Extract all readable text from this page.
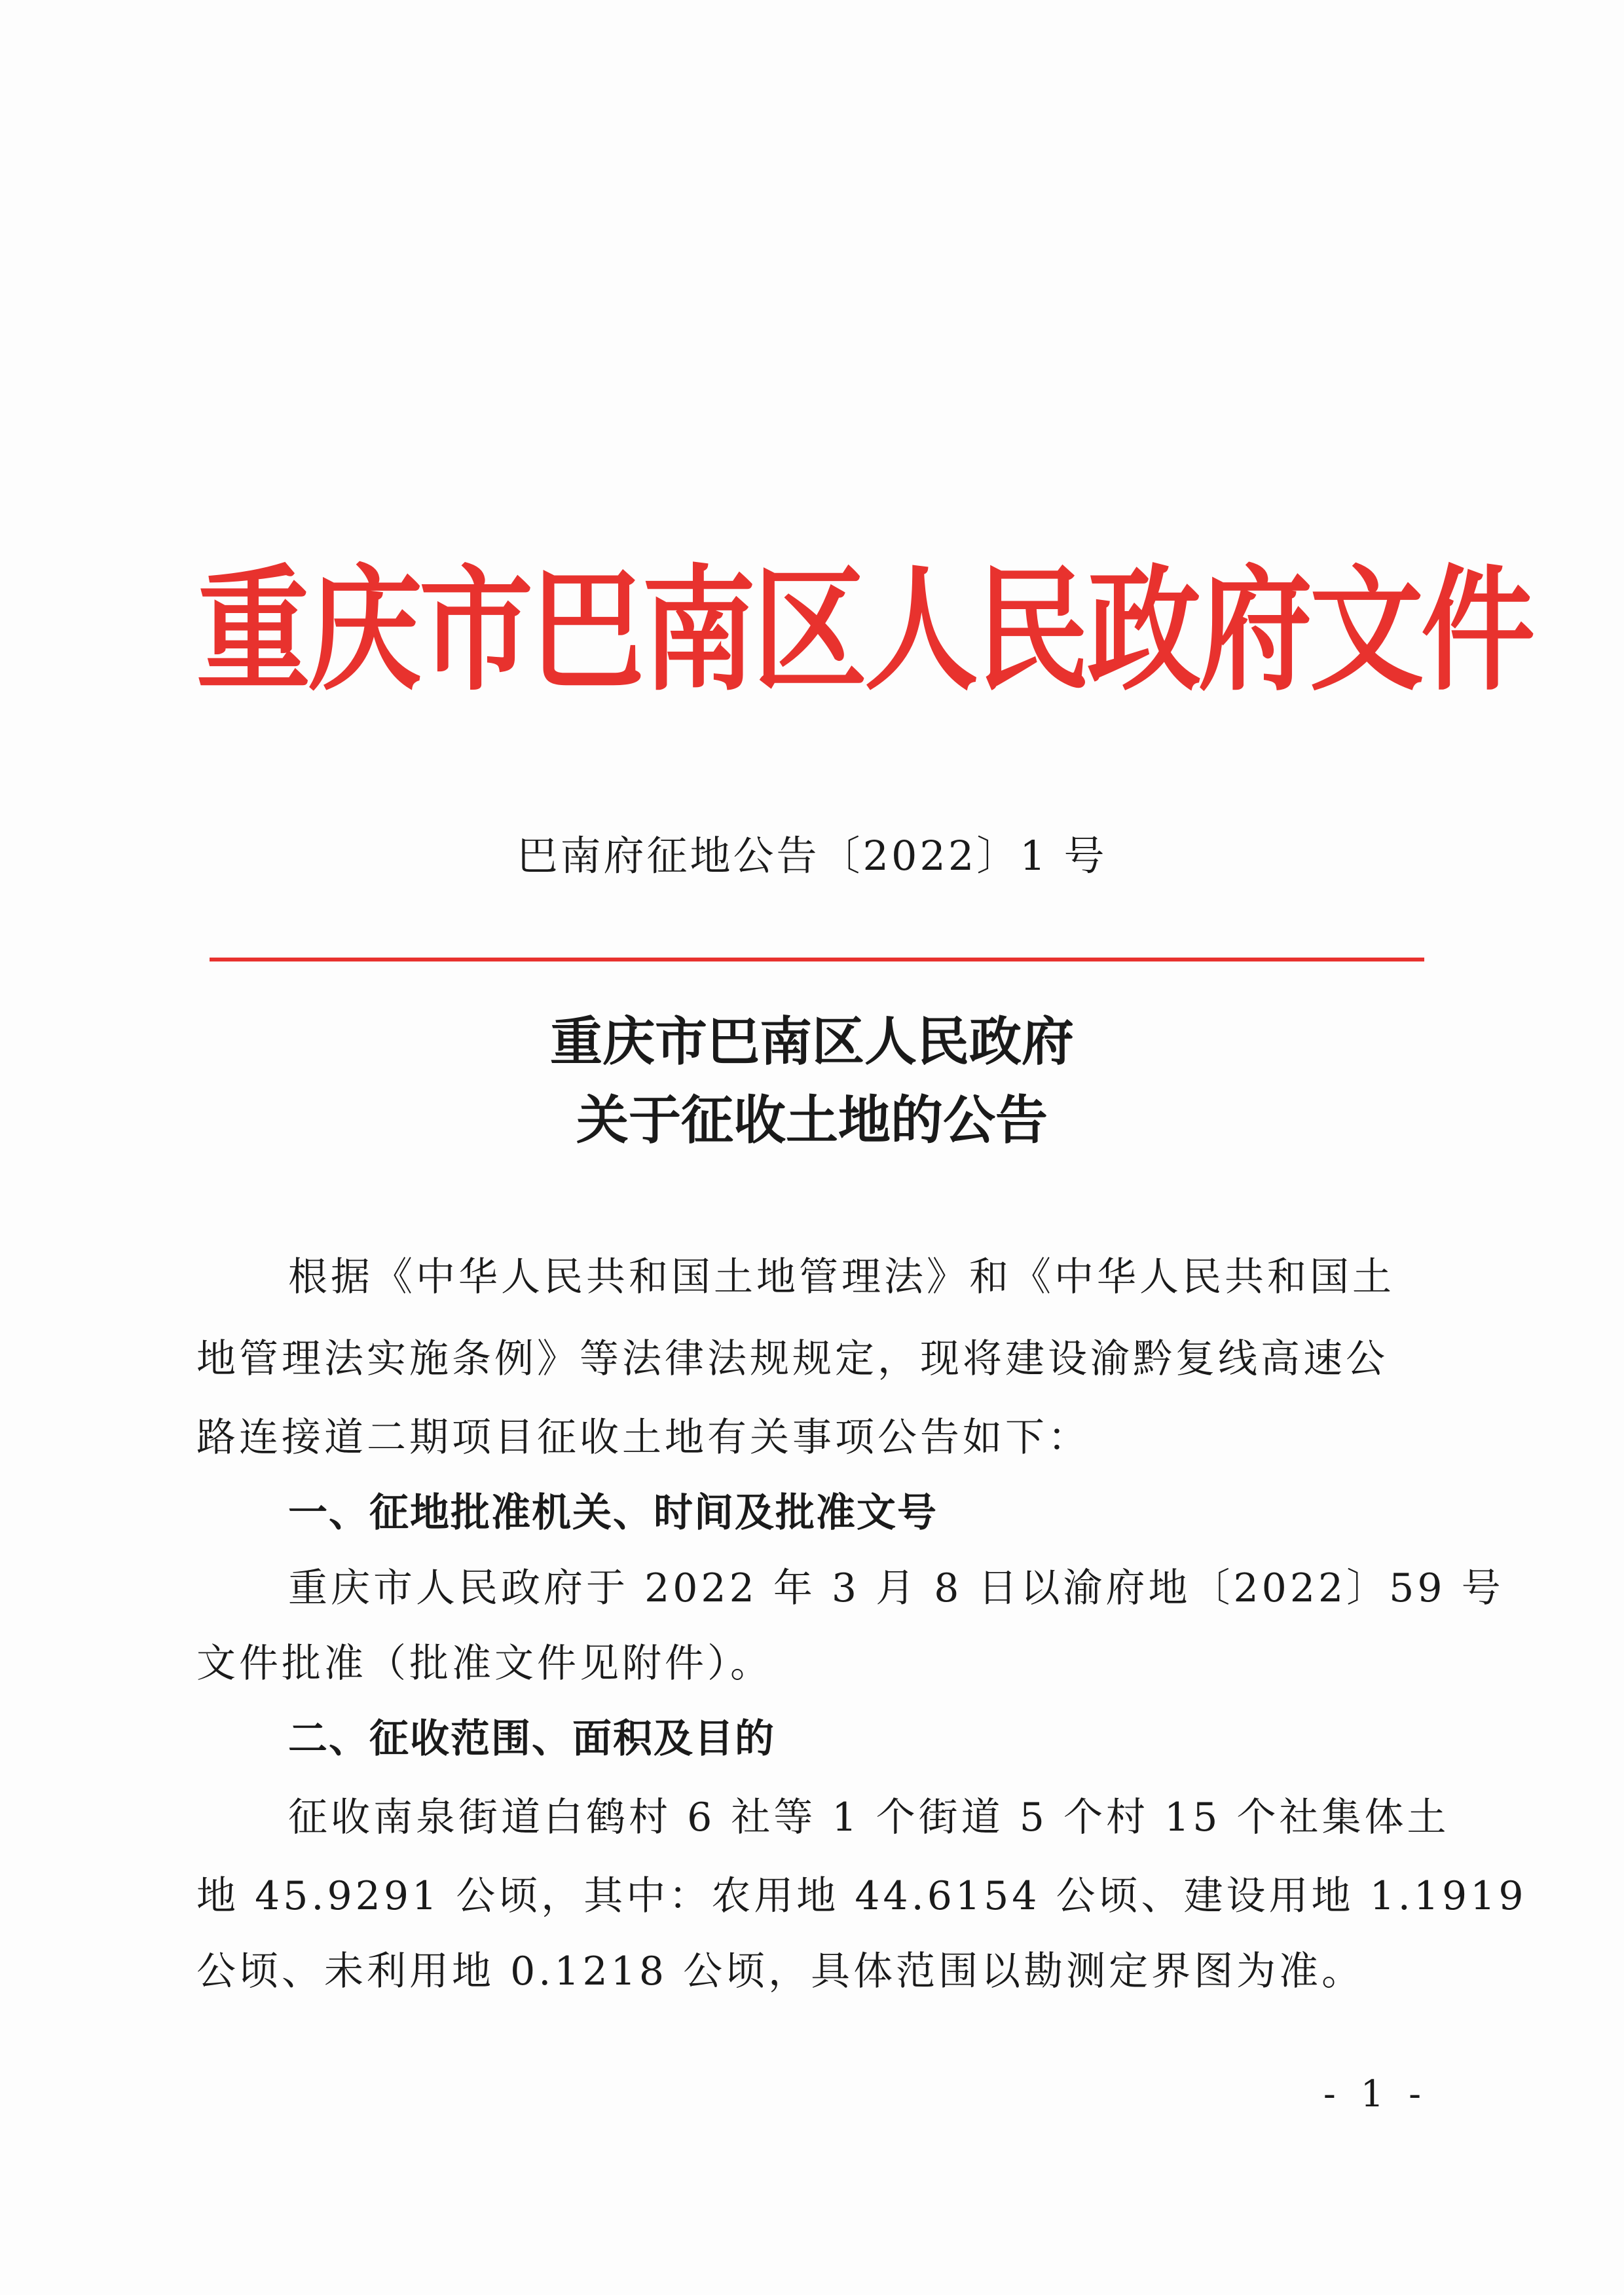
重庆市巴南区人民政府文件
巴南府征地公告〔2022〕1 号
重庆市巴南区人民政府
关于征收土地的公告
根据《中华人民共和国土地管理法》和《中华人民共和国土
地管理法实施条例》等法律法规规定，现将建设渝黔复线高速公
路连接道二期项目征收土地有关事项公告如下：
一、征地批准机关、时间及批准文号
重庆市人民政府于 2022 年 3 月 8 日以渝府地〔2022〕59 号
文件批准（批准文件见附件）。
二、征收范围、面积及目的
征收南泉街道白鹤村 6 社等 1 个街道 5 个村 15 个社集体土
地 45.9291 公顷，其中：农用地 44.6154 公顷、建设用地 1.1919
公顷、未利用地 0.1218 公顷，具体范围以勘测定界图为准。
- 1 -
